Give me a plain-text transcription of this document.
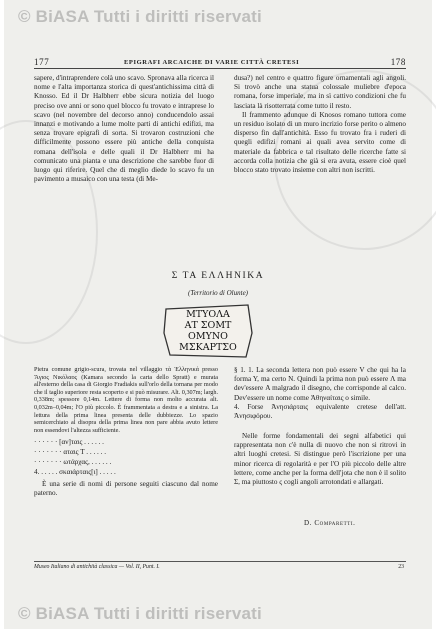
© BiASA Tutti i diritti riservati
177	EPIGRAFI ARCAICHE DI VARIE CITTÀ CRETESI	178

sapere, d'intraprendere colà uno scavo. Spronava alla ricerca il nome e l'alta importanza storica di quest'antichissima città di Knosso. Ed il Dr Halbherr ebbe sicura notizia del luogo preciso ove anni or sono quel blocco fu trovato e intraprese lo scavo (nel novembre del decorso anno) conducendolo assai innanzi e motivando a lume molte parti di antichi edifizi, ma senza trovare epigrafi di sorta. Si trovaron costruzioni che difficilmente possono essere più antiche della conquista romana dell'isola e delle quali il Dr Halbherr mi ha comunicato una pianta e una descrizione che sarebbe fuor di luogo qui riferire. Quel che di meglio diede lo scavo fu un pavimento a musaico con una testa (di Me-

dusa?) nel centro e quattro figure ornamentali agli angoli. Si trovò anche una statua colossale muliebre d'epoca romana, forse imperiale, ma in sì cattivo condizioni che fu lasciata là risotterrata come tutto il resto.

Il frammento adunque di Knosos romano tuttora come un residuo isolato di un muro incrizio forse perito o almeno disperso fin dall'antichità. Esso fu trovato fra i ruderi di quegli edifizi romani ai quali avea servito come di materiale da fabbrica e tal risultato delle ricerche fatte si accorda colla notizia che già si era avuta, essere cioè quel blocco stato trovato insieme con altri non iscritti.

Σ ΤΑ ΕΛΛΗΝΙΚΑ
(Territorio di Olunte)
ΜΤΥΟΛΑ
ΑΤ ΣΟΜΤ
ΟΜΥΝΟ
ΜΣΚΑΡΤΣΟ

Pietra comune grigio-scura, trovata nel villaggio τὰ Ἑλληνικά presso Ἅγιος Νικόλαος (Kamara secondo la carta dello Spratt) e murata all'esterno della casa di Giorgio Fradiakis sull'orlo della tornana per modo che il taglio superiore resta scoperto e si può misurare. Alt. 0,307m; largh. 0,338m; spessore 0,14m. Lettere di forma non molto accurata alt. 0,032m–0,04m; l'O più piccolo. È frammentata a destra e a sinistra. La lettura della prima linea presenta delle dubbiezze. Lo spazio semicerchiato al disopra della prima linea non pare abbia avuto lettere non essendovi l'altezza sufficiente.

· · · · · · [αν]ταις . . . . . .
· · · · · · · αταις Τ . . . . . .
· · · · · · · ωτάρχας, . . . . . .
4. . . . . . σκαιάρταις[ι] . . . . .

È una serie di nomi di persone seguiti ciascuno dal nome paterno.

§ 1. 1. La seconda lettera non può essere V che qui ha la forma Y, ma certo Ν. Quindi la prima non può essere Λ ma dev'essere Α malgrado il disegno, che corrisponde al calco. Dev'essere un nome come Ἀθηναίταις o simile.

4. Forse Ἀνησιάρταις equivalente cretese dell'att. Ἀνησιφόρου.

Nelle forme fondamentali dei segni alfabetici qui rappresentata non c'è nulla di nuovo che non si ritrovi in altri luoghi cretesi. Si distingue però l'iscrizione per una minor ricerca di regolarità e per l'O più piccolo delle altre lettere, come anche per la forma dell'jota che non è il solito Σ, ma piuttosto ς cogli angoli arrotondati e allargati.

D. Comparetti.
Museo Italiano di antichità classica — Vol. II, Punt. I.	23
© BiASA Tutti i diritti riservati
